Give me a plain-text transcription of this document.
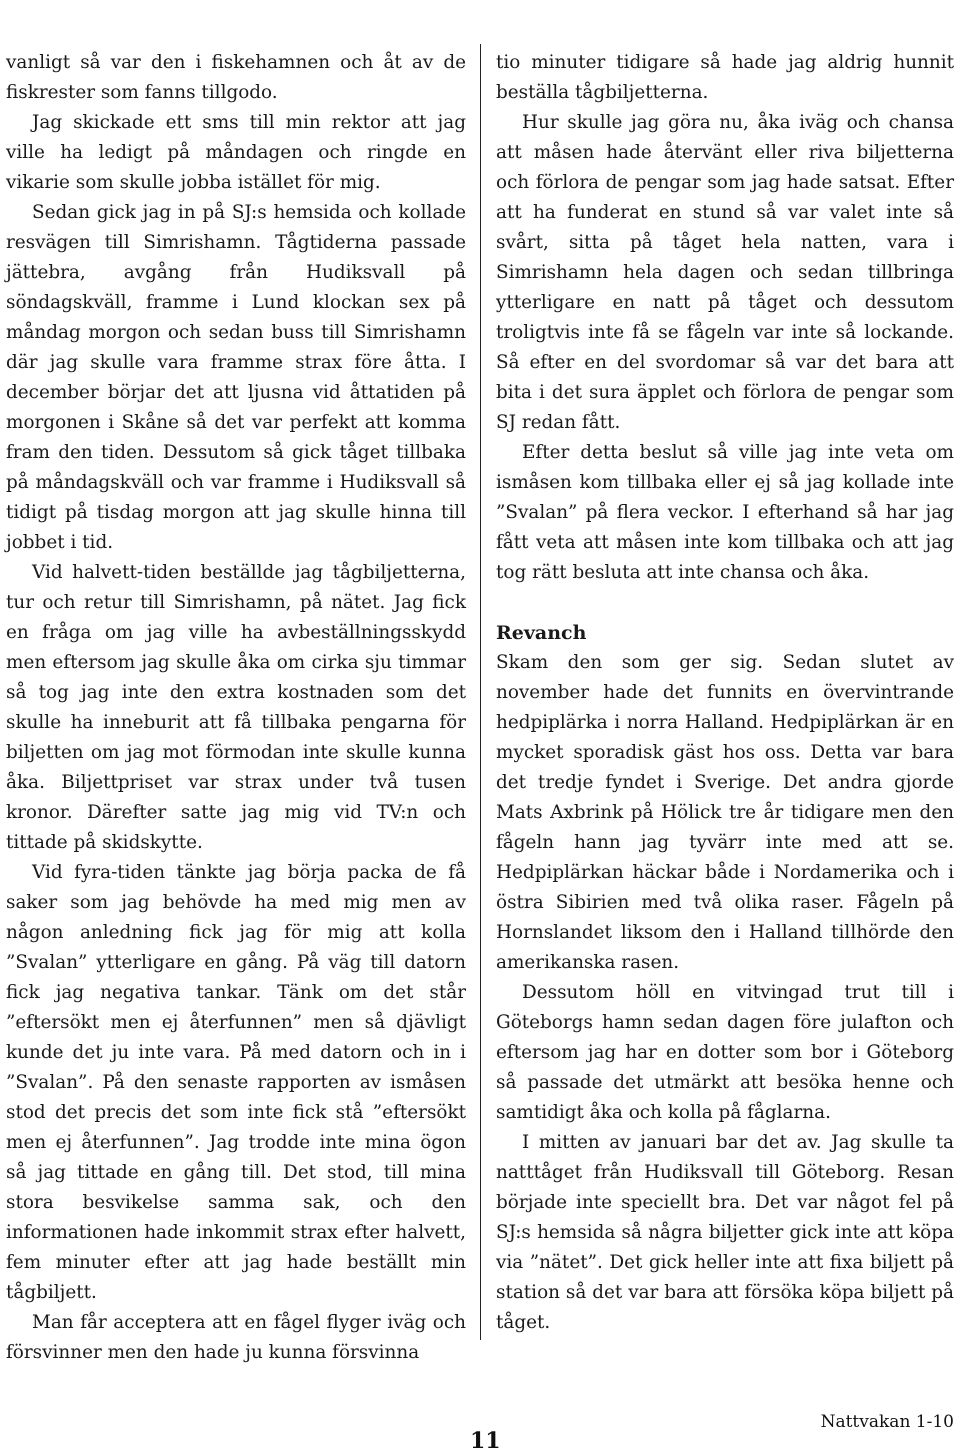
vanligt så var den i fiskehamnen och åt av de fiskrester som fanns tillgodo.

Jag skickade ett sms till min rektor att jag ville ha ledigt på måndagen och ringde en vikarie som skulle jobba istället för mig.

Sedan gick jag in på SJ:s hemsida och kollade resvägen till Simrishamn. Tågtiderna passade jättebra, avgång från Hudiksvall på söndagskväll, framme i Lund klockan sex på måndag morgon och sedan buss till Simrishamn där jag skulle vara framme strax före åtta. I december börjar det att ljusna vid åttatiden på morgonen i Skåne så det var perfekt att komma fram den tiden. Dessutom så gick tåget tillbaka på måndagskväll och var framme i Hudiksvall så tidigt på tisdag morgon att jag skulle hinna till jobbet i tid.

Vid halvett-tiden beställde jag tågbiljetterna, tur och retur till Simrishamn, på nätet. Jag fick en fråga om jag ville ha avbeställningsskydd men eftersom jag skulle åka om cirka sju timmar så tog jag inte den extra kostnaden som det skulle ha inneburit att få tillbaka pengarna för biljetten om jag mot förmodan inte skulle kunna åka. Biljettpriset var strax under två tusen kronor. Därefter satte jag mig vid TV:n och tittade på skidskytte.

Vid fyra-tiden tänkte jag börja packa de få saker som jag behövde ha med mig men av någon anledning fick jag för mig att kolla ”Svalan” ytterligare en gång. På väg till datorn fick jag negativa tankar. Tänk om det står ”eftersökt men ej återfunnen” men så djävligt kunde det ju inte vara. På med datorn och in i ”Svalan”. På den senaste rapporten av ismåsen stod det precis det som inte fick stå ”eftersökt men ej återfunnen”. Jag trodde inte mina ögon så jag tittade en gång till. Det stod, till mina stora besvikelse samma sak, och den informationen hade inkommit strax efter halvett, fem minuter efter att jag hade beställt min tågbiljett.

Man får acceptera att en fågel flyger iväg och försvinner men den hade ju kunna försvinna

tio minuter tidigare så hade jag aldrig hunnit beställa tågbiljetterna.

Hur skulle jag göra nu, åka iväg och chansa att måsen hade återvänt eller riva biljetterna och förlora de pengar som jag hade satsat. Efter att ha funderat en stund så var valet inte så svårt, sitta på tåget hela natten, vara i Simrishamn hela dagen och sedan tillbringa ytterligare en natt på tåget och dessutom troligtvis inte få se fågeln var inte så lockande. Så efter en del svordomar så var det bara att bita i det sura äpplet och förlora de pengar som SJ redan fått.

Efter detta beslut så ville jag inte veta om ismåsen kom tillbaka eller ej så jag kollade inte ”Svalan” på flera veckor. I efterhand så har jag fått veta att måsen inte kom tillbaka och att jag tog rätt besluta att inte chansa och åka.

Revanch

Skam den som ger sig. Sedan slutet av november hade det funnits en övervintrande hedpiplärka i norra Halland. Hedpiplärkan är en mycket sporadisk gäst hos oss. Detta var bara det tredje fyndet i Sverige. Det andra gjorde Mats Axbrink på Hölick tre år tidigare men den fågeln hann jag tyvärr inte med att se. Hedpiplärkan häckar både i Nordamerika och i östra Sibirien med två olika raser. Fågeln på Hornslandet liksom den i Halland tillhörde den amerikanska rasen.

Dessutom höll en vitvingad trut till i Göteborgs hamn sedan dagen före julafton och eftersom jag har en dotter som bor i Göteborg så passade det utmärkt att besöka henne och samtidigt åka och kolla på fåglarna.

I mitten av januari bar det av. Jag skulle ta natttåget från Hudiksvall till Göteborg. Resan började inte speciellt bra. Det var något fel på SJ:s hemsida så några biljetter gick inte att köpa via ”nätet”. Det gick heller inte att fixa biljett på station så det var bara att försöka köpa biljett på tåget.

11
Nattvakan 1-10
